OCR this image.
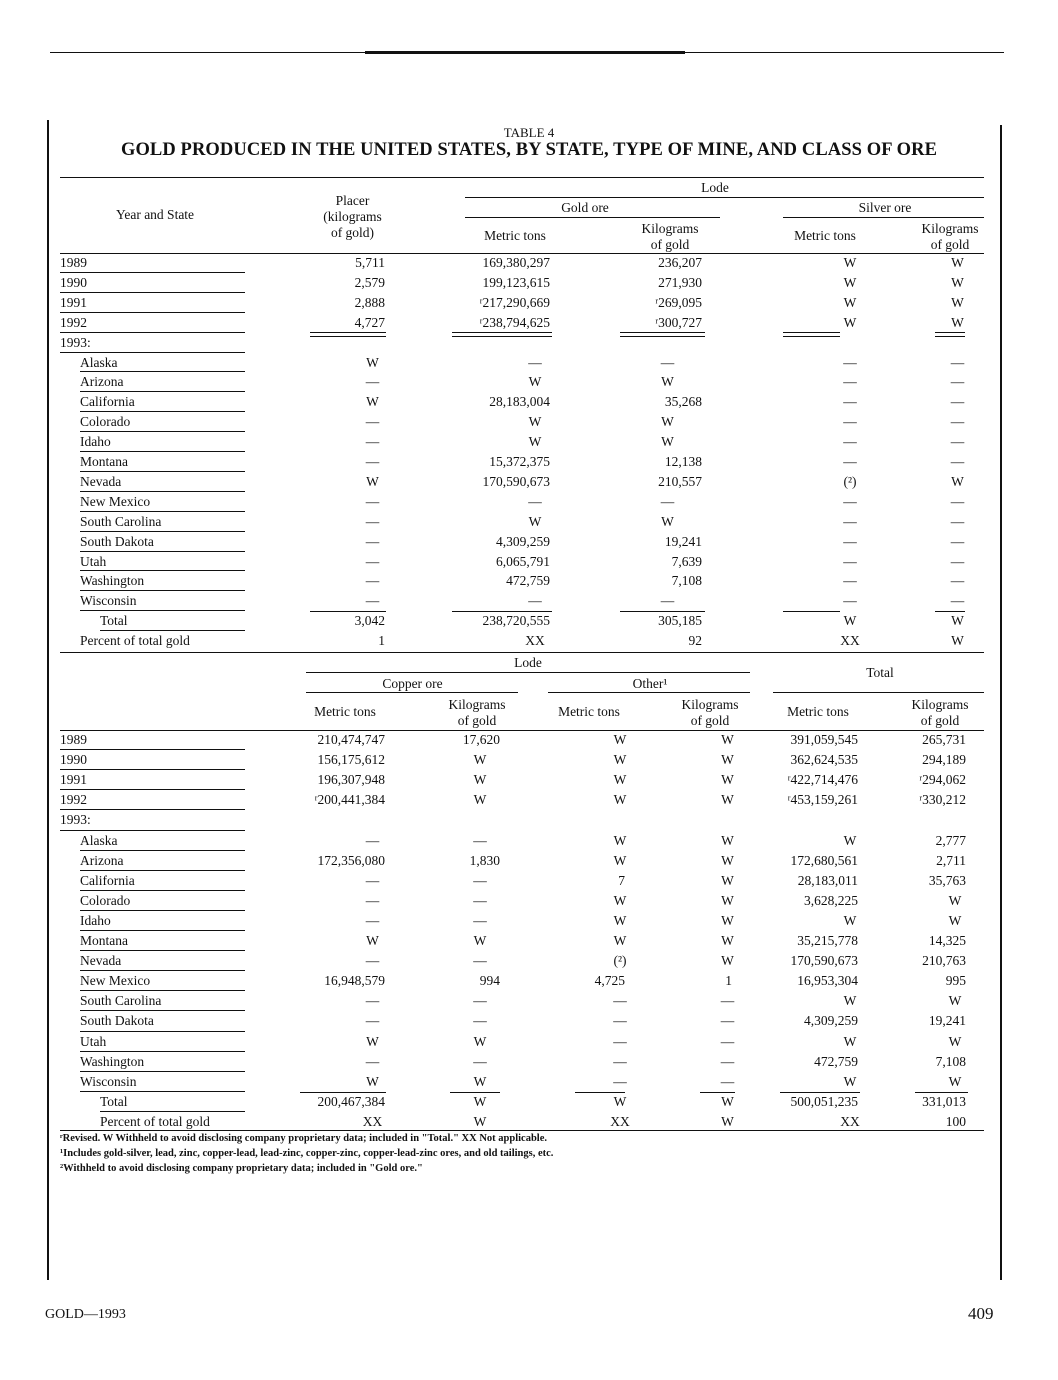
TABLE 4
GOLD PRODUCED IN THE UNITED STATES, BY STATE, TYPE OF MINE, AND CLASS OF ORE
Year and State
Placer
(kilograms
of gold)
Lode
Gold ore	Silver ore
Metric tons	Kilograms
of gold
Metric tons	Kilograms
of gold
1989	5,711	169,380,297	236,207	W	W
1990	2,579	199,123,615	271,930	W	W
1991	2,888	ʳ217,290,669	ʳ269,095	W	W
1992	4,727	ʳ238,794,625	ʳ300,727	W	W
1993:
Alaska	W	—	—	—	—
Arizona	—	W	W	—	—
California	W	28,183,004	35,268	—	—
Colorado	—	W	W	—	—
Idaho	—	W	W	—	—
Montana	—	15,372,375	12,138	—	—
Nevada	W	170,590,673	210,557	(²)	W
New Mexico	—	—	—	—	—
South Carolina	—	W	W	—	—
South Dakota	—	4,309,259	19,241	—	—
Utah	—	6,065,791	7,639	—	—
Washington	—	472,759	7,108	—	—
Wisconsin	—	—	—	—	—
Total	3,042	238,720,555	305,185	W	W
Percent of total gold	1	XX	92	XX	W
Lode
Total
Copper ore	Other¹
Metric tons	Kilograms
of gold
Metric tons	Kilograms
of gold
Metric tons	Kilograms
of gold
1989	210,474,747	17,620	W	W	391,059,545	265,731
1990	156,175,612	W	W	W	362,624,535	294,189
1991	196,307,948	W	W	W	ʳ422,714,476	ʳ294,062
1992	ʳ200,441,384	W	W	W	ʳ453,159,261	ʳ330,212
1993:
Alaska	—	—	W	W	W	2,777
Arizona	172,356,080	1,830	W	W	172,680,561	2,711
California	—	—	7	W	28,183,011	35,763
Colorado	—	—	W	W	3,628,225	W
Idaho	—	—	W	W	W	W
Montana	W	W	W	W	35,215,778	14,325
Nevada	—	—	(²)	W	170,590,673	210,763
New Mexico	16,948,579	994	4,725	1	16,953,304	995
South Carolina	—	—	—	—	W	W
South Dakota	—	—	—	—	4,309,259	19,241
Utah	W	W	—	—	W	W
Washington	—	—	—	—	472,759	7,108
Wisconsin	W	W	—	—	W	W
Total	200,467,384	W	W	W	500,051,235	331,013
Percent of total gold	XX	W	XX	W	XX	100
ʳRevised. W Withheld to avoid disclosing company proprietary data; included in "Total." XX Not applicable.
¹Includes gold-silver, lead, zinc, copper-lead, lead-zinc, copper-zinc, copper-lead-zinc ores, and old tailings, etc.
²Withheld to avoid disclosing company proprietary data; included in "Gold ore."
GOLD—1993	409
